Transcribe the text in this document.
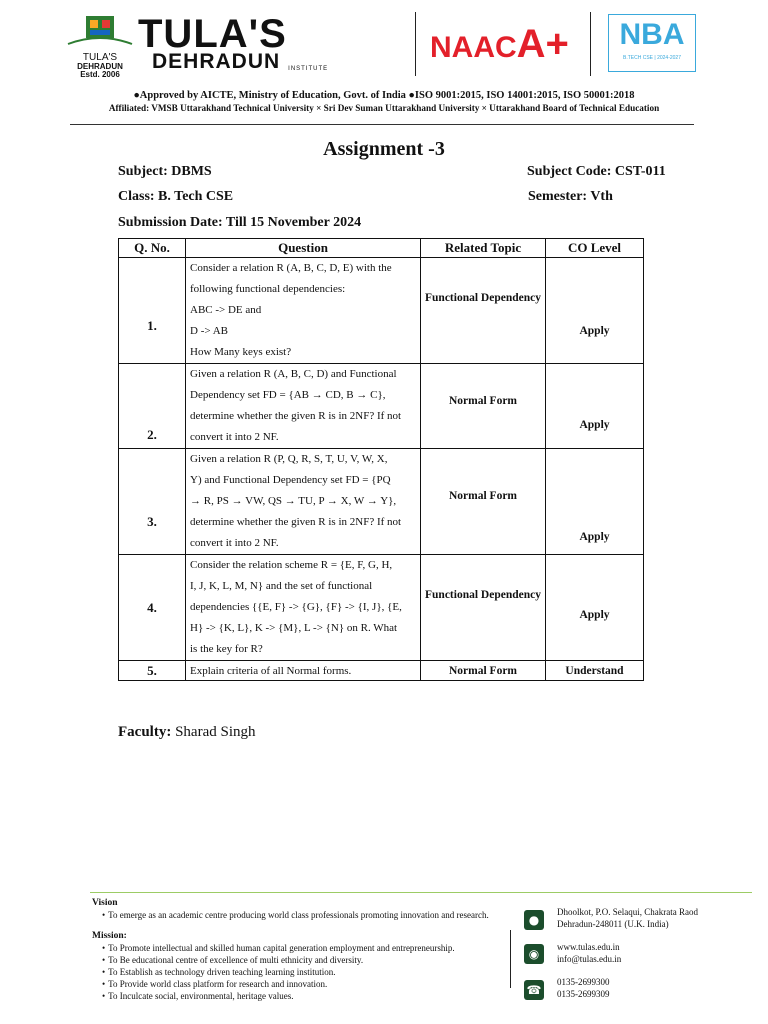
TULA'S
DEHRADUN
Estd. 2006
TULA'S
DEHRADUN INSTITUTE
NAACA+	NBA
B.TECH CSE | 2024-2027
●Approved by AICTE, Ministry of Education, Govt. of India ●ISO 9001:2015, ISO 14001:2015, ISO 50001:2018
Affiliated: VMSB Uttarakhand Technical University × Sri Dev Suman Uttarakhand University × Uttarakhand Board of Technical Education
Assignment -3
Subject: DBMS	Subject Code: CST-011
Class: B. Tech CSE	Semester: Vth
Submission Date: Till 15 November 2024
Q. No.	Question	Related Topic	CO Level
1.	Consider a relation R (A, B, C, D, E) with the
following functional dependencies:
ABC -> DE and
D -> AB
How Many keys exist?	Functional Dependency	Apply
2.	Given a relation R (A, B, C, D) and Functional
Dependency set FD = {AB → CD, B → C},
determine whether the given R is in 2NF? If not
convert it into 2 NF.	Normal Form	Apply
3.	Given a relation R (P, Q, R, S, T, U, V, W, X,
Y) and Functional Dependency set FD = {PQ
→ R, PS → VW, QS → TU, P → X, W → Y},
determine whether the given R is in 2NF? If not
convert it into 2 NF.	Normal Form	Apply
4.	Consider the relation scheme R = {E, F, G, H,
I, J, K, L, M, N} and the set of functional
dependencies {{E, F} -> {G}, {F} -> {I, J}, {E,
H} -> {K, L}, K -> {M}, L -> {N} on R. What
is the key for R?	Functional Dependency	Apply
5.	Explain criteria of all Normal forms.	Normal Form	Understand
Faculty: Sharad Singh
Vision
• To emerge as an academic centre producing world class professionals promoting innovation and research.
Mission:
• To Promote intellectual and skilled human capital generation employment and entrepreneurship.
• To Be educational centre of excellence of multi ethnicity and diversity.
• To Establish as technology driven teaching learning institution.
• To Provide world class platform for research and innovation.
• To Inculcate social, environmental, heritage values.
●
◉
☎
Dhoolkot, P.O. Selaqui, Chakrata Raod
Dehradun-248011 (U.K. India)
www.tulas.edu.in
info@tulas.edu.in
0135-2699300
0135-2699309
